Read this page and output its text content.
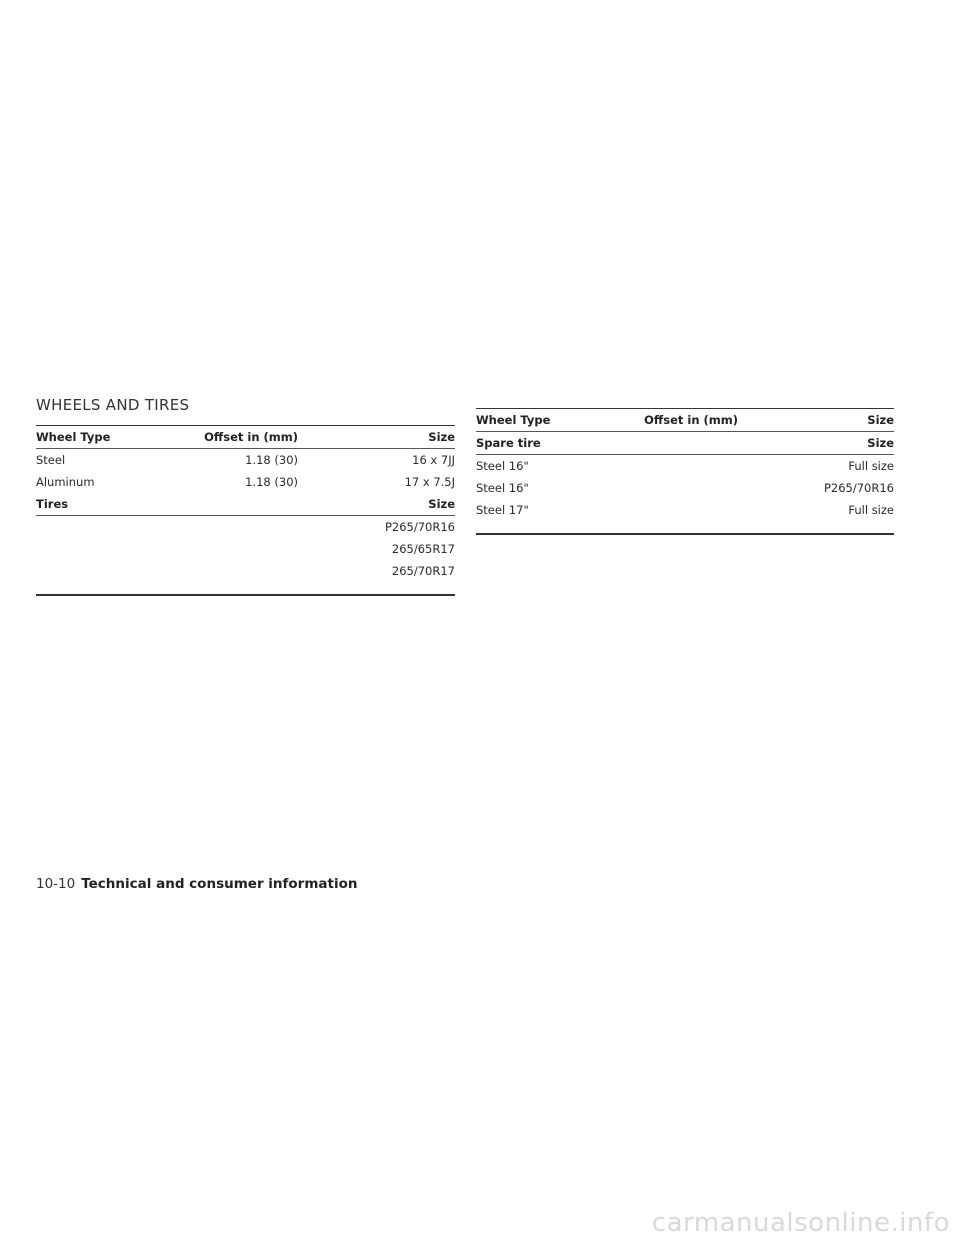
WHEELS AND TIRES
Wheel Type	Offset in (mm)	Size
Steel	1.18 (30)	16 x 7JJ
Aluminum	1.18 (30)	17 x 7.5J
Tires		Size
		P265/70R16
		265/65R17
		265/70R17
Wheel Type	Offset in (mm)	Size
Spare tire		Size
Steel 16"		Full size
Steel 16"		P265/70R16
Steel 17"		Full size
10-10 Technical and consumer information
carmanualsonline.info
